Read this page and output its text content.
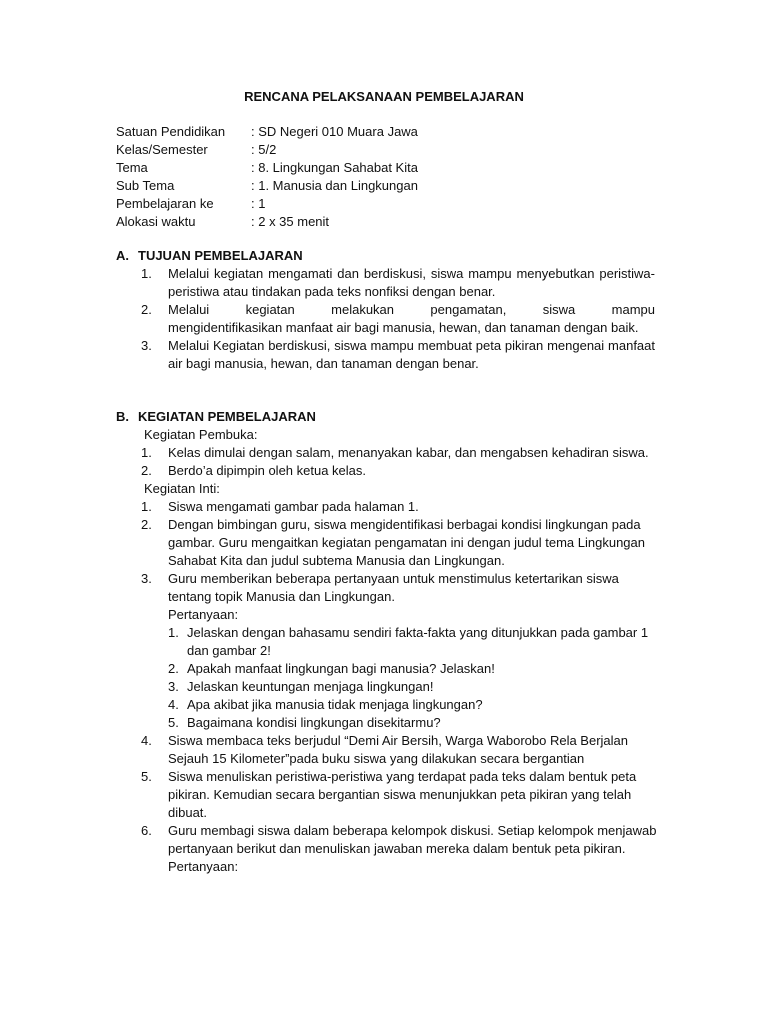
RENCANA PELAKSANAAN PEMBELAJARAN
Satuan Pendidikan : SD Negeri 010 Muara Jawa
Kelas/Semester	: 5/2
Tema	: 8. Lingkungan Sahabat Kita
Sub Tema	: 1. Manusia dan Lingkungan
Pembelajaran ke	: 1
Alokasi waktu	: 2 x 35 menit
A. TUJUAN PEMBELAJARAN
1. Melalui kegiatan mengamati dan berdiskusi, siswa mampu menyebutkan peristiwa-peristiwa atau tindakan pada teks nonfiksi dengan benar.
2. Melalui kegiatan melakukan pengamatan, siswa mampu
mengidentifikasikan manfaat air bagi manusia, hewan, dan tanaman dengan baik.
3. Melalui Kegiatan berdiskusi, siswa mampu membuat peta pikiran mengenai manfaat air bagi manusia, hewan, dan tanaman dengan benar.
B. KEGIATAN PEMBELAJARAN
Kegiatan Pembuka:
1. Kelas dimulai dengan salam, menanyakan kabar, dan mengabsen kehadiran siswa.
2. Berdo’a dipimpin oleh ketua kelas.
Kegiatan Inti:
1. Siswa mengamati gambar pada halaman 1.
2. Dengan bimbingan guru, siswa mengidentifikasi berbagai kondisi lingkungan pada gambar. Guru mengaitkan kegiatan pengamatan ini dengan judul tema Lingkungan Sahabat Kita dan judul subtema Manusia dan Lingkungan.
3. Guru memberikan beberapa pertanyaan untuk menstimulus ketertarikan siswa tentang topik Manusia dan Lingkungan.
Pertanyaan:
1. Jelaskan dengan bahasamu sendiri fakta-fakta yang ditunjukkan pada gambar 1 dan gambar 2!
2. Apakah manfaat lingkungan bagi manusia? Jelaskan!
3. Jelaskan keuntungan menjaga lingkungan!
4. Apa akibat jika manusia tidak menjaga lingkungan?
5. Bagaimana kondisi lingkungan disekitarmu?
4. Siswa membaca teks berjudul “Demi Air Bersih, Warga Waborobo Rela Berjalan Sejauh 15 Kilometer”pada buku siswa yang dilakukan secara bergantian
5. Siswa menuliskan peristiwa-peristiwa yang terdapat pada teks dalam bentuk peta pikiran. Kemudian secara bergantian siswa menunjukkan peta pikiran yang telah dibuat.
6. Guru membagi siswa dalam beberapa kelompok diskusi. Setiap kelompok menjawab pertanyaan berikut dan menuliskan jawaban mereka dalam bentuk peta pikiran.
Pertanyaan:
